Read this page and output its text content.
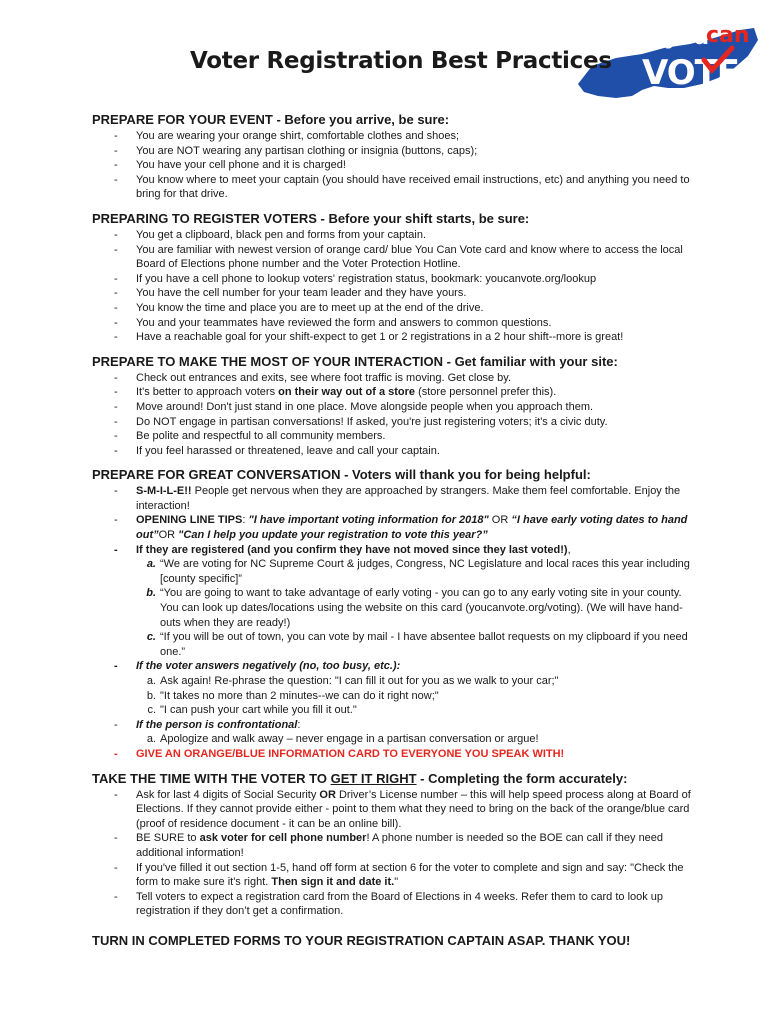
you
can
VOTE
Voter Registration Best Practices
PREPARE FOR YOUR EVENT - Before you arrive, be sure:
- You are wearing your orange shirt, comfortable clothes and shoes;
- You are NOT wearing any partisan clothing or insignia (buttons, caps);
- You have your cell phone and it is charged!
- You know where to meet your captain (you should have received email instructions, etc) and anything you need to bring for that drive.
PREPARING TO REGISTER VOTERS - Before your shift starts, be sure:
- You get a clipboard, black pen and forms from your captain.
- You are familiar with newest version of orange card/ blue You Can Vote card and know where to access the local Board of Elections phone number and the Voter Protection Hotline.
- If you have a cell phone to lookup voters' registration status, bookmark: youcanvote.org/lookup
- You have the cell number for your team leader and they have yours.
- You know the time and place you are to meet up at the end of the drive.
- You and your teammates have reviewed the form and answers to common questions.
- Have a reachable goal for your shift-expect to get 1 or 2 registrations in a 2 hour shift--more is great!
PREPARE TO MAKE THE MOST OF YOUR INTERACTION - Get familiar with your site:
- Check out entrances and exits, see where foot traffic is moving. Get close by.
- It's better to approach voters on their way out of a store (store personnel prefer this).
- Move around! Don't just stand in one place. Move alongside people when you approach them.
- Do NOT engage in partisan conversations! If asked, you're just registering voters; it's a civic duty.
- Be polite and respectful to all community members.
- If you feel harassed or threatened, leave and call your captain.
PREPARE FOR GREAT CONVERSATION - Voters will thank you for being helpful:
- S-M-I-L-E!! People get nervous when they are approached by strangers. Make them feel comfortable. Enjoy the interaction!
- OPENING LINE TIPS: "I have important voting information for 2018" OR “I have early voting dates to hand out”OR "Can I help you update your registration to vote this year?”
- If they are registered (and you confirm they have not moved since they last voted!),
a. “We are voting for NC Supreme Court & judges, Congress, NC Legislature and local races this year including [county specific]”
b. “You are going to want to take advantage of early voting - you can go to any early voting site in your county. You can look up dates/locations using the website on this card (youcanvote.org/voting). (We will have hand-outs when they are ready!)
c. “If you will be out of town, you can vote by mail - I have absentee ballot requests on my clipboard if you need one.”
- If the voter answers negatively (no, too busy, etc.):
a. Ask again! Re-phrase the question: "I can fill it out for you as we walk to your car;"
b. "It takes no more than 2 minutes--we can do it right now;"
c. "I can push your cart while you fill it out."
- If the person is confrontational:
a. Apologize and walk away – never engage in a partisan conversation or argue!
- GIVE AN ORANGE/BLUE INFORMATION CARD TO EVERYONE YOU SPEAK WITH!
TAKE THE TIME WITH THE VOTER TO GET IT RIGHT - Completing the form accurately:
- Ask for last 4 digits of Social Security OR Driver’s License number – this will help speed process along at Board of Elections. If they cannot provide either - point to them what they need to bring on the back of the orange/blue card (proof of residence document - it can be an online bill).
- BE SURE to ask voter for cell phone number! A phone number is needed so the BOE can call if they need additional information!
- If you've filled it out section 1-5, hand off form at section 6 for the voter to complete and sign and say: "Check the form to make sure it's right. Then sign it and date it."
- Tell voters to expect a registration card from the Board of Elections in 4 weeks. Refer them to card to look up registration if they don’t get a confirmation.
TURN IN COMPLETED FORMS TO YOUR REGISTRATION CAPTAIN ASAP. THANK YOU!
